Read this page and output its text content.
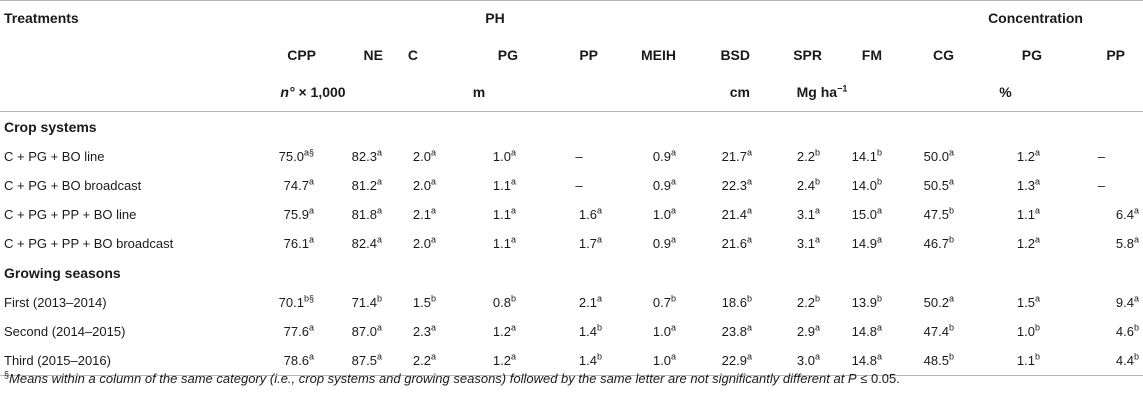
Treatments			PH							Concentration			
	CPP	NE	C	PG	PP	MEIH	BSD	SPR	FM	CG	PG	PP	
	n° × 1,000		m				cm	Mg $ha^{-1}$		%			
Crop systems													
C + PG + BO line	$75.0^{a\S}$	82.3$^a$	2.0$^a$	1.0$^a$	–	0.9$^a$	21.7$^a$	2.2$^b$	14.1$^b$	50.0$^a$	1.2$^a$	–	
C + PG + BO broadcast	74.7$^a$	81.2$^a$	2.0$^a$	1.1$^a$	–	0.9$^a$	22.3$^a$	2.4$^b$	14.0$^b$	50.5$^a$	1.3$^a$	–	
C + PG + PP + BO line	75.9$^a$	81.8$^a$	2.1$^a$	1.1$^a$	1.6$^a$	1.0$^a$	21.4$^a$	3.1$^a$	15.0$^a$	47.5$^b$	1.1$^a$	6.4$^a$	
C + PG + PP + BO broadcast	76.1$^a$	82.4$^a$	2.0$^a$	1.1$^a$	1.7$^a$	0.9$^a$	21.6$^a$	3.1$^a$	14.9$^a$	46.7$^b$	1.2$^a$	5.8$^a$	
Growing seasons													
First (2013–2014)	$70.1^{b\S}$	71.4$^b$	1.5$^b$	0.8$^b$	2.1$^a$	0.7$^b$	18.6$^b$	2.2$^b$	13.9$^b$	50.2$^a$	1.5$^a$	9.4$^a$	
Second (2014–2015)	77.6$^a$	87.0$^a$	2.3$^a$	1.2$^a$	1.4$^b$	1.0$^a$	23.8$^a$	2.9$^a$	14.8$^a$	47.4$^b$	1.0$^b$	4.6$^b$	
Third (2015–2016)	78.6$^a$	87.5$^a$	2.2$^a$	1.2$^a$	1.4$^b$	1.0$^a$	22.9$^a$	3.0$^a$	14.8$^a$	48.5$^b$	1.1$^b$	4.4$^b$	
§Means within a column of the same category (i.e., crop systems and growing seasons) followed by the same letter are not significantly different at P ≤ 0.05.
